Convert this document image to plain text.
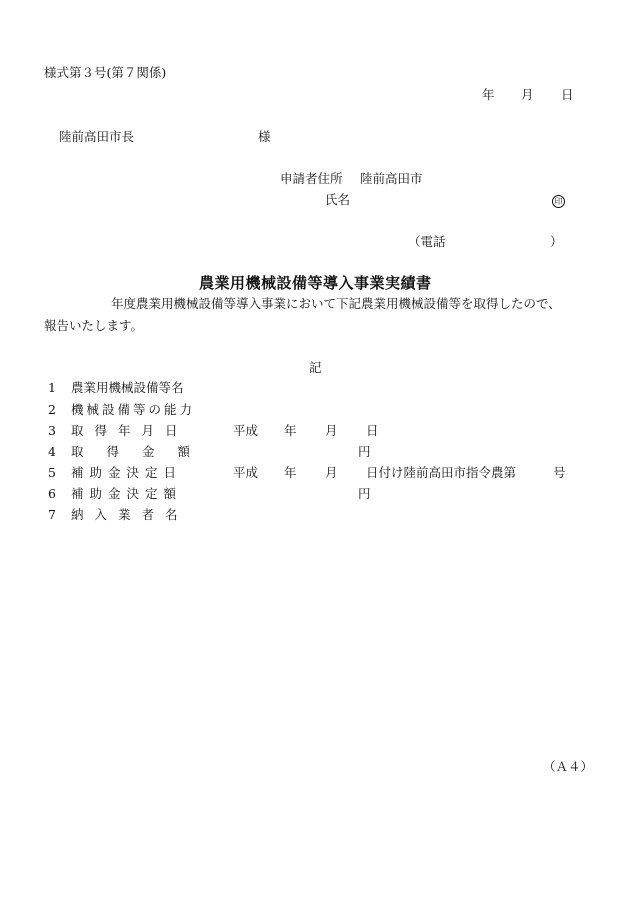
様式第３号(第７関係)
年 月 日
陸前高田市長	様
申請者住所 陸前高田市
氏名	印
（電話	）
農業用機械設備等導入事業実績書
年度農業用機械設備等導入事業において下記農業用機械設備等を取得したので、
報告いたします。
記
1 農業用機械設備等名
2 機械設備等の能力
3 取得年月日	平成 年 月 日
4 取得金額	円
5 補助金決定日	平成 年 月 日付け陸前高田市指令農第	号
6 補助金決定額	円
7 納入業者名
（Ａ４）
